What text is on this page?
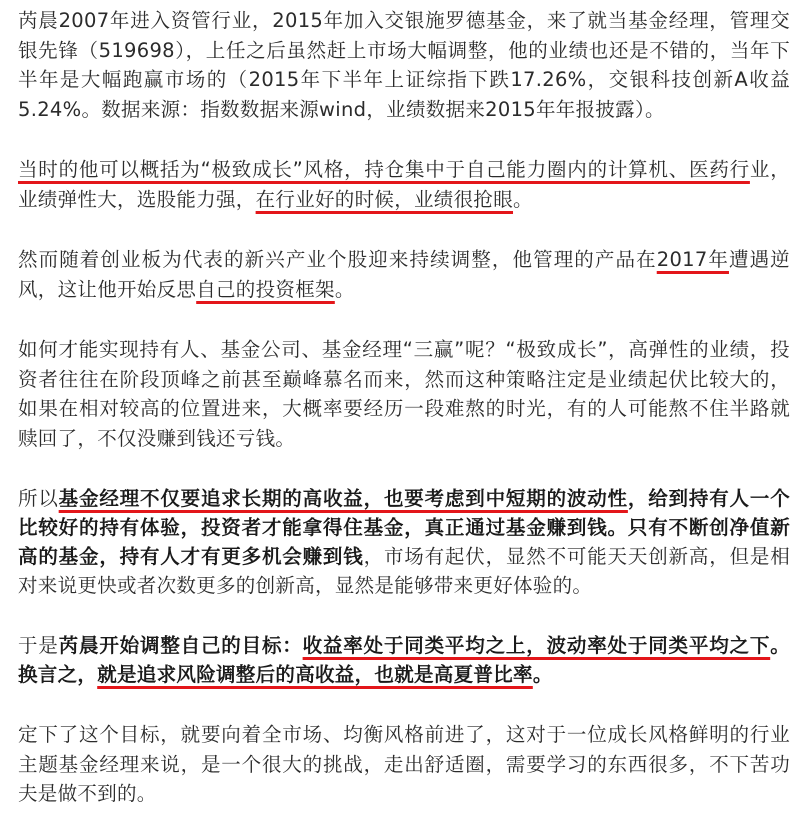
芮晨2007年进入资管行业，2015年加入交银施罗德基金，来了就当基金经理，管理交银先锋（519698），上任之后虽然赶上市场大幅调整，他的业绩也还是不错的，当年下半年是大幅跑赢市场的（2015年下半年上证综指下跌17.26%，交银科技创新A收益5.24%。数据来源：指数数据来源wind，业绩数据来2015年年报披露）。

当时的他可以概括为“极致成长”风格，持仓集中于自己能力圈内的计算机、医药行业，业绩弹性大，选股能力强，在行业好的时候，业绩很抢眼。

然而随着创业板为代表的新兴产业个股迎来持续调整，他管理的产品在2017年遭遇逆风，这让他开始反思自己的投资框架。

如何才能实现持有人、基金公司、基金经理“三赢”呢？“极致成长”，高弹性的业绩，投资者往往在阶段顶峰之前甚至巅峰慕名而来，然而这种策略注定是业绩起伏比较大的，如果在相对较高的位置进来，大概率要经历一段难熬的时光，有的人可能熬不住半路就赎回了，不仅没赚到钱还亏钱。

所以基金经理不仅要追求长期的高收益，也要考虑到中短期的波动性，给到持有人一个比较好的持有体验，投资者才能拿得住基金，真正通过基金赚到钱。只有不断创净值新高的基金，持有人才有更多机会赚到钱，市场有起伏，显然不可能天天创新高，但是相对来说更快或者次数更多的创新高，显然是能够带来更好体验的。

于是芮晨开始调整自己的目标：收益率处于同类平均之上，波动率处于同类平均之下。换言之，就是追求风险调整后的高收益，也就是高夏普比率。

定下了这个目标，就要向着全市场、均衡风格前进了，这对于一位成长风格鲜明的行业主题基金经理来说，是一个很大的挑战，走出舒适圈，需要学习的东西很多，不下苦功夫是做不到的。
